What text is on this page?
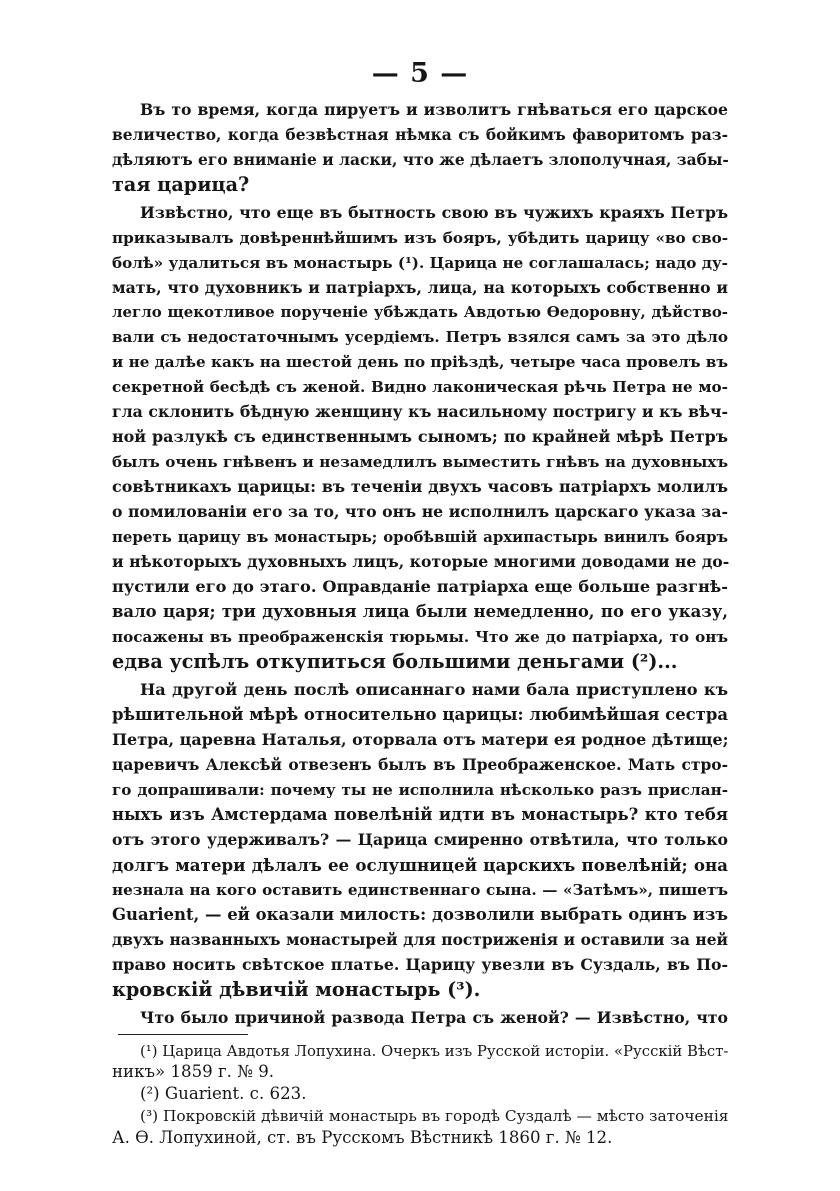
— 5 —
Въ то время, когда пируетъ и изволитъ гнѣваться его царское
величество, когда безвѣстная нѣмка съ бойкимъ фаворитомъ раз-
дѣляютъ его вниманіе и ласки, что же дѣлаетъ злополучная, забы-
тая царица?
Извѣстно, что еще въ бытность свою въ чужихъ краяхъ Петръ
приказывалъ довѣреннѣйшимъ изъ бояръ, убѣдить царицу «во сво-
болѣ» удалиться въ монастырь (¹). Царица не соглашалась; надо ду-
мать, что духовникъ и патріархъ, лица, на которыхъ собственно и
легло щекотливое порученіе убѣждать Авдотью Ѳедоровну, дѣйство-
вали съ недостаточнымъ усердіемъ. Петръ взялся самъ за это дѣло
и не далѣе какъ на шестой день по пріѣздѣ, четыре часа провелъ въ
секретной бесѣдѣ съ женой. Видно лаконическая рѣчь Петра не мо-
гла склонить бѣдную женщину къ насильному постригу и къ вѣч-
ной разлукѣ съ единственнымъ сыномъ; по крайней мѣрѣ Петръ
былъ очень гнѣвенъ и незамедлилъ выместить гнѣвъ на духовныхъ
совѣтникахъ царицы: въ теченіи двухъ часовъ патріархъ молилъ
о помилованіи его за то, что онъ не исполнилъ царскаго указа за-
переть царицу въ монастырь; оробѣвшій архипастырь винилъ бояръ
и нѣкоторыхъ духовныхъ лицъ, которые многими доводами не до-
пустили его до этаго. Оправданіе патріарха еще больше разгнѣ-
вало царя; три духовныя лица были немедленно, по его указу,
посажены въ преображенскія тюрьмы. Что же до патріарха, то онъ
едва успѣлъ откупиться большими деньгами (²)...
На другой день послѣ описаннаго нами бала приступлено къ
рѣшительной мѣрѣ относительно царицы: любимѣйшая сестра
Петра, царевна Наталья, оторвала отъ матери ея родное дѣтище;
царевичъ Алексѣй отвезенъ былъ въ Преображенское. Мать стро-
го допрашивали: почему ты не исполнила нѣсколько разъ прислан-
ныхъ изъ Амстердама повелѣній идти въ монастырь? кто тебя
отъ этого удерживалъ? — Царица смиренно отвѣтила, что только
долгъ матери дѣлалъ ее ослушницей царскихъ повелѣній; она
незнала на кого оставить единственнаго сына. — «Затѣмъ», пишетъ
Guarient, — ей оказали милость: дозволили выбрать одинъ изъ
двухъ названныхъ монастырей для постриженія и оставили за ней
право носить свѣтское платье. Царицу увезли въ Суздаль, въ По-
кровскій дѣвичій монастырь (³).
Что было причиной развода Петра съ женой? — Извѣстно, что
(¹) Царица Авдотья Лопухина. Очеркъ изъ Русской исторіи. «Русскій Вѣст-
никъ» 1859 г. № 9.
(²) Guarient. с. 623.
(³) Покровскій дѣвичій монастырь въ городѣ Суздалѣ — мѣсто заточенія
А. Ѳ. Лопухиной, ст. въ Русскомъ Вѣстникѣ 1860 г. № 12.
